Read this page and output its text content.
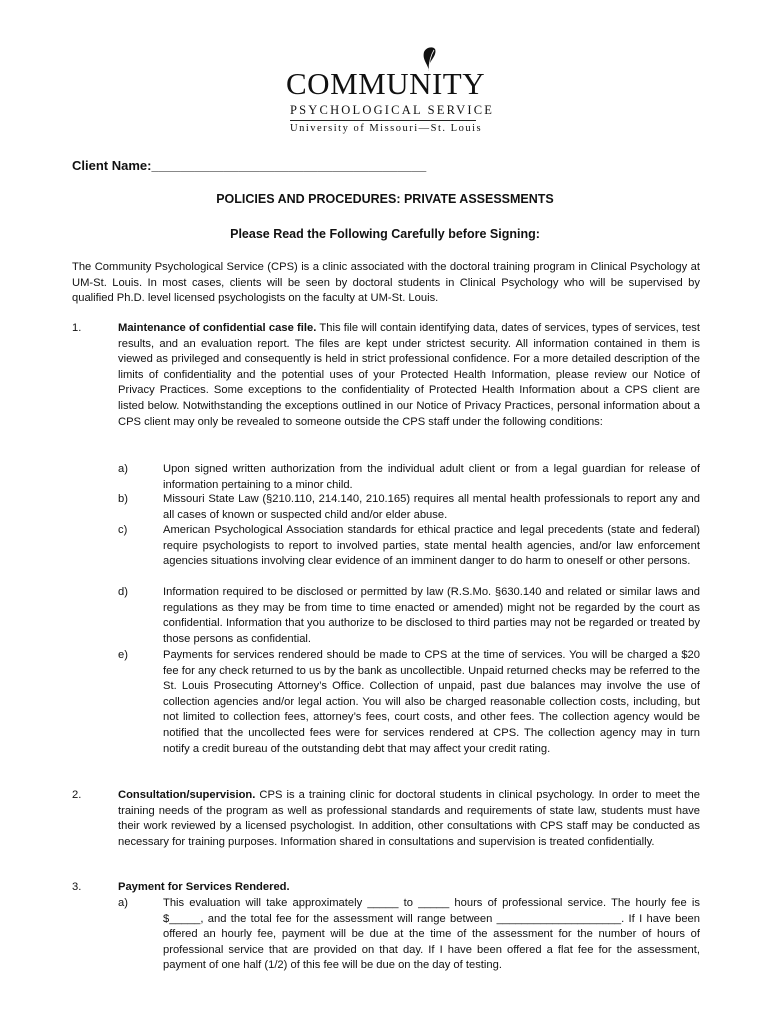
COMMUNITY
PSYCHOLOGICAL SERVICE
University of Missouri—St. Louis
Client Name:______________________________________
POLICIES AND PROCEDURES: PRIVATE ASSESSMENTS
Please Read the Following Carefully before Signing:

The Community Psychological Service (CPS) is a clinic associated with the doctoral training program in Clinical Psychology at UM-St. Louis. In most cases, clients will be seen by doctoral students in Clinical Psychology who will be supervised by qualified Ph.D. level licensed psychologists on the faculty at UM-St. Louis.

1.	Maintenance of confidential case file. This file will contain identifying data, dates of services, types of services, test results, and an evaluation report. The files are kept under strictest security. All information contained in them is viewed as privileged and consequently is held in strict professional confidence. For a more detailed description of the limits of confidentiality and the potential uses of your Protected Health Information, please review our Notice of Privacy Practices. Some exceptions to the confidentiality of Protected Health Information about a CPS client are listed below. Notwithstanding the exceptions outlined in our Notice of Privacy Practices, personal information about a CPS client may only be revealed to someone outside the CPS staff under the following conditions:

a)	Upon signed written authorization from the individual adult client or from a legal guardian for release of information pertaining to a minor child.

b)	Missouri State Law (§210.110, 214.140, 210.165) requires all mental health professionals to report any and all cases of known or suspected child and/or elder abuse.

c)	American Psychological Association standards for ethical practice and legal precedents (state and federal) require psychologists to report to involved parties, state mental health agencies, and/or law enforcement agencies situations involving clear evidence of an imminent danger to do harm to oneself or other persons.

d)	Information required to be disclosed or permitted by law (R.S.Mo. §630.140 and related or similar laws and regulations as they may be from time to time enacted or amended) might not be regarded by the court as confidential. Information that you authorize to be disclosed to third parties may not be regarded or treated by those persons as confidential.

e)	Payments for services rendered should be made to CPS at the time of services. You will be charged a $20 fee for any check returned to us by the bank as uncollectible. Unpaid returned checks may be referred to the St. Louis Prosecuting Attorney’s Office. Collection of unpaid, past due balances may involve the use of collection agencies and/or legal action. You will also be charged reasonable collection costs, including, but not limited to collection fees, attorney’s fees, court costs, and other fees. The collection agency would be notified that the uncollected fees were for services rendered at CPS. The collection agency may in turn notify a credit bureau of the outstanding debt that may affect your credit rating.

2.	Consultation/supervision. CPS is a training clinic for doctoral students in clinical psychology. In order to meet the training needs of the program as well as professional standards and requirements of state law, students must have their work reviewed by a licensed psychologist. In addition, other consultations with CPS staff may be conducted as necessary for training purposes. Information shared in consultations and supervision is treated confidentially.

3.	Payment for Services Rendered.

a)	This evaluation will take approximately _____ to _____ hours of professional service. The hourly fee is $_____, and the total fee for the assessment will range between ____________________. If I have been offered an hourly fee, payment will be due at the time of the assessment for the number of hours of professional service that are provided on that day. If I have been offered a flat fee for the assessment, payment of one half (1/2) of this fee will be due on the day of testing.
